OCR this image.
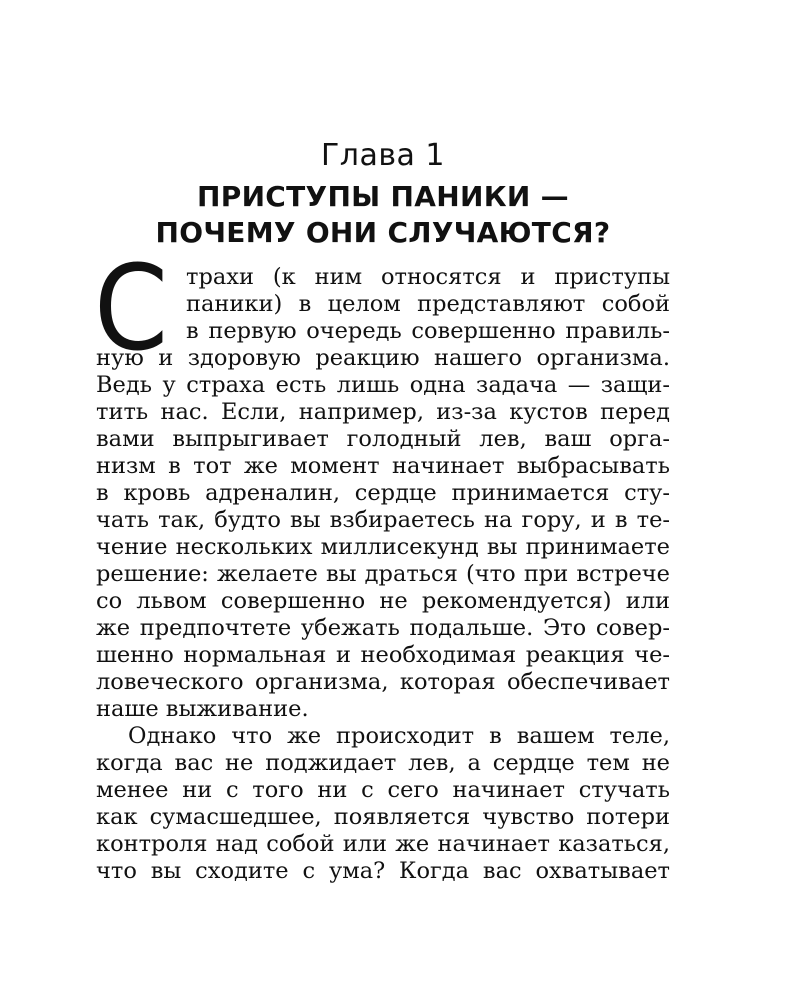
Глава 1
ПРИСТУПЫ ПАНИКИ —
ПОЧЕМУ ОНИ СЛУЧАЮТСЯ?
С трахи (к ним относятся и приступы
паники) в целом представляют собой
в первую очередь совершенно правиль-
ную и здоровую реакцию нашего организма.
Ведь у страха есть лишь одна задача — защи-
тить нас. Если, например, из-за кустов перед
вами выпрыгивает голодный лев, ваш орга-
низм в тот же момент начинает выбрасывать
в кровь адреналин, сердце принимается сту-
чать так, будто вы взбираетесь на гору, и в те-
чение нескольких миллисекунд вы принимаете
решение: желаете вы драться (что при встрече
со львом совершенно не рекомендуется) или
же предпочтете убежать подальше. Это совер-
шенно нормальная и необходимая реакция че-
ловеческого организма, которая обеспечивает
наше выживание.
Однако что же происходит в вашем теле,
когда вас не поджидает лев, а сердце тем не
менее ни с того ни с сего начинает стучать
как сумасшедшее, появляется чувство потери
контроля над собой или же начинает казаться,
что вы сходите с ума? Когда вас охватывает
